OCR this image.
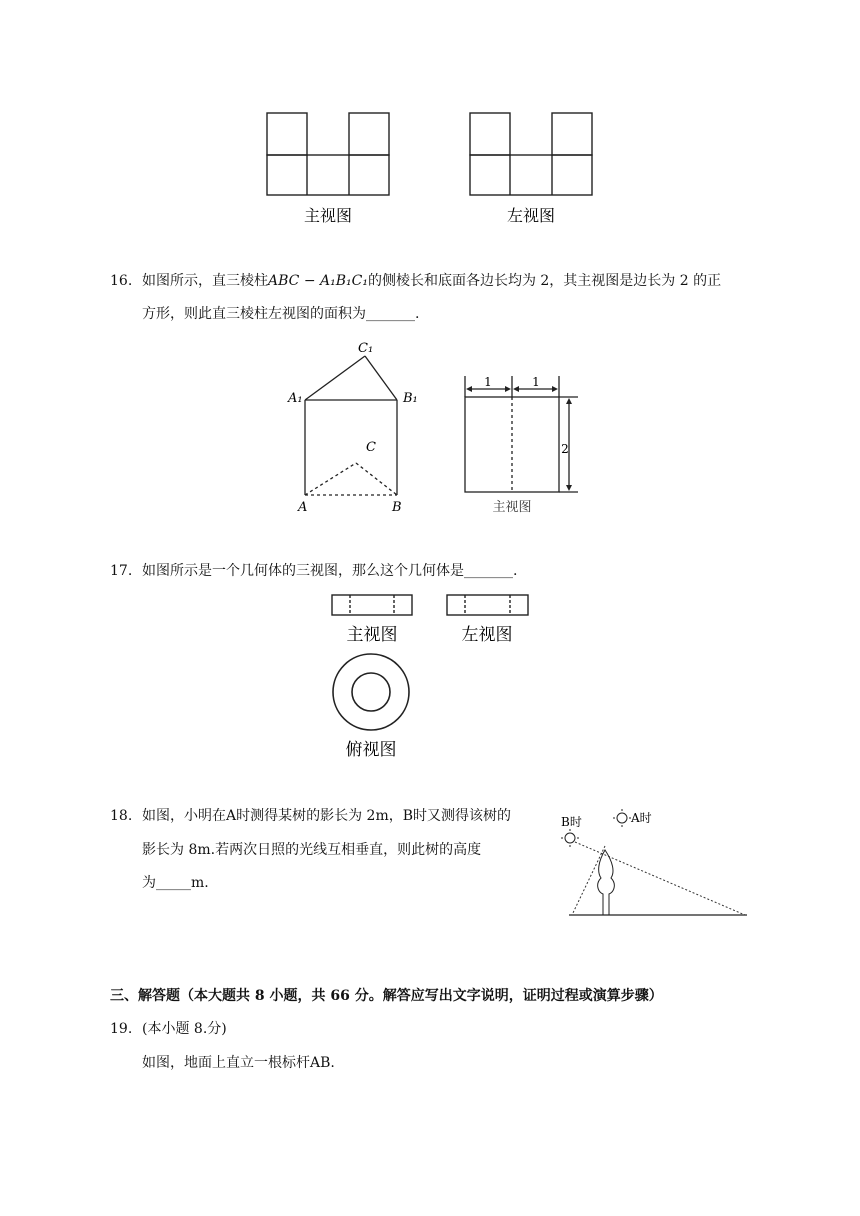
主视图	左视图
16. 如图所示，直三棱柱ABC − A₁B₁C₁的侧棱长和底面各边长均为 2，其主视图是边长为 2 的正
方形，则此直三棱柱左视图的面积为_______.
C₁
A₁	B₁
C
A	B
1	1
2
主视图
17. 如图所示是一个几何体的三视图，那么这个几何体是_______.
主视图	左视图
俯视图
18. 如图，小明在A时测得某树的影长为 2m，B时又测得该树的
影长为 8m.若两次日照的光线互相垂直，则此树的高度
为_____m.
B时	A时
三、解答题（本大题共 8 小题，共 66 分。解答应写出文字说明，证明过程或演算步骤）
19. (本小题 8.分)
如图，地面上直立一根标杆AB.
